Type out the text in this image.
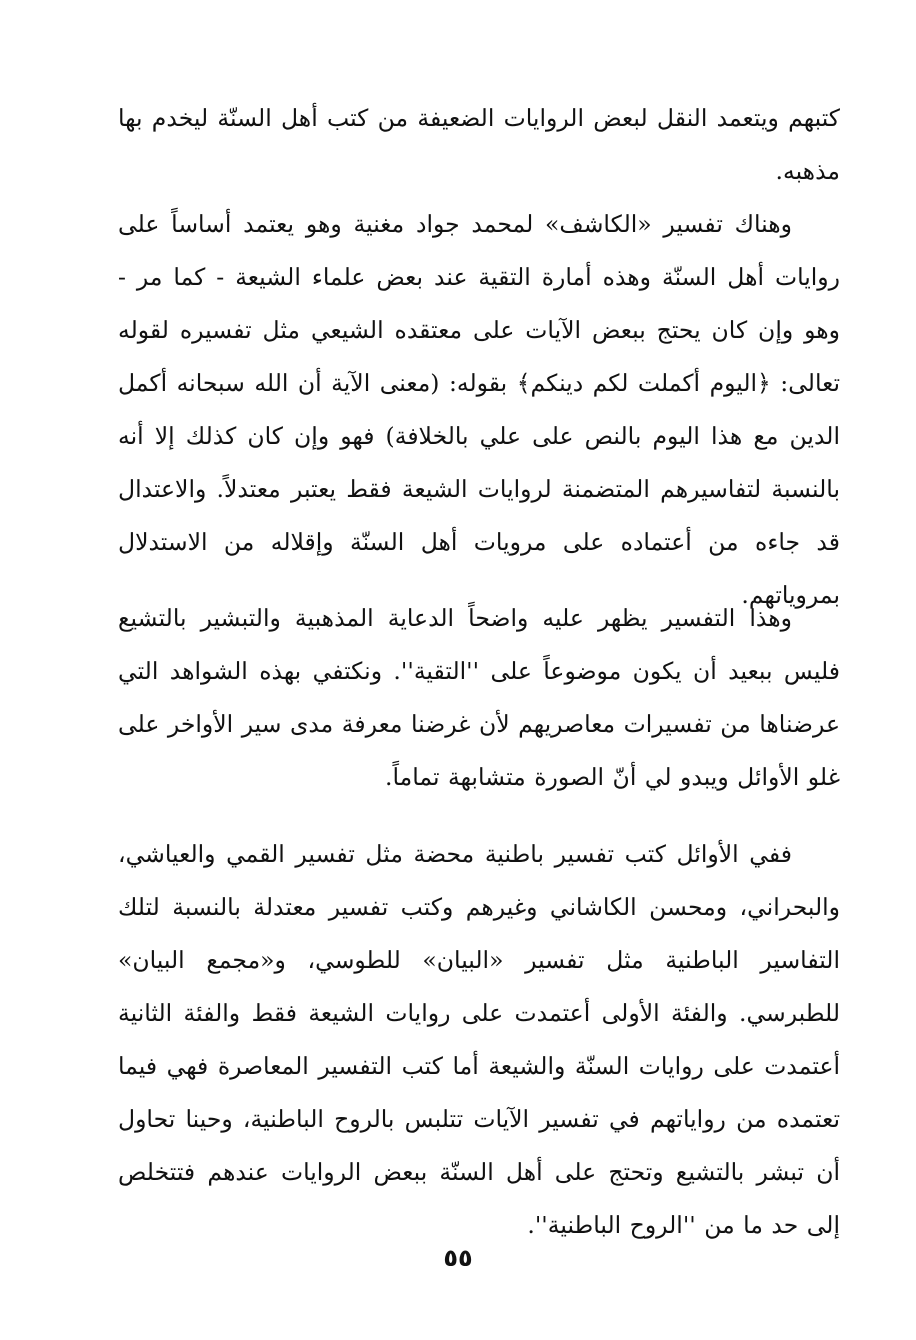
كتبهم ويتعمد النقل لبعض الروايات الضعيفة من كتب أهل السنّة ليخدم بها مذهبه.

وهناك تفسير «الكاشف» لمحمد جواد مغنية وهو يعتمد أساساً على روايات أهل السنّة وهذه أمارة التقية عند بعض علماء الشيعة - كما مر - وهو وإن كان يحتج ببعض الآيات على معتقده الشيعي مثل تفسيره لقوله تعالى: ﴿اليوم أكملت لكم دينكم﴾ بقوله: (معنى الآية أن الله سبحانه أكمل الدين مع هذا اليوم بالنص على علي بالخلافة) فهو وإن كان كذلك إلا أنه بالنسبة لتفاسيرهم المتضمنة لروايات الشيعة فقط يعتبر معتدلاً. والاعتدال قد جاءه من أعتماده على مرويات أهل السنّة وإقلاله من الاستدلال بمروياتهم.

وهذا التفسير يظهر عليه واضحاً الدعاية المذهبية والتبشير بالتشيع فليس ببعيد أن يكون موضوعاً على ''التقية''. ونكتفي بهذه الشواهد التي عرضناها من تفسيرات معاصريهم لأن غرضنا معرفة مدى سير الأواخر على غلو الأوائل ويبدو لي أنّ الصورة متشابهة تماماً.

ففي الأوائل كتب تفسير باطنية محضة مثل تفسير القمي والعياشي، والبحراني، ومحسن الكاشاني وغيرهم وكتب تفسير معتدلة بالنسبة لتلك التفاسير الباطنية مثل تفسير «البيان» للطوسي، و«مجمع البيان» للطبرسي. والفئة الأولى أعتمدت على روايات الشيعة فقط والفئة الثانية أعتمدت على روايات السنّة والشيعة أما كتب التفسير المعاصرة فهي فيما تعتمده من رواياتهم في تفسير الآيات تتلبس بالروح الباطنية، وحينا تحاول أن تبشر بالتشيع وتحتج على أهل السنّة ببعض الروايات عندهم فتتخلص إلى حد ما من ''الروح الباطنية''.

٥٥
